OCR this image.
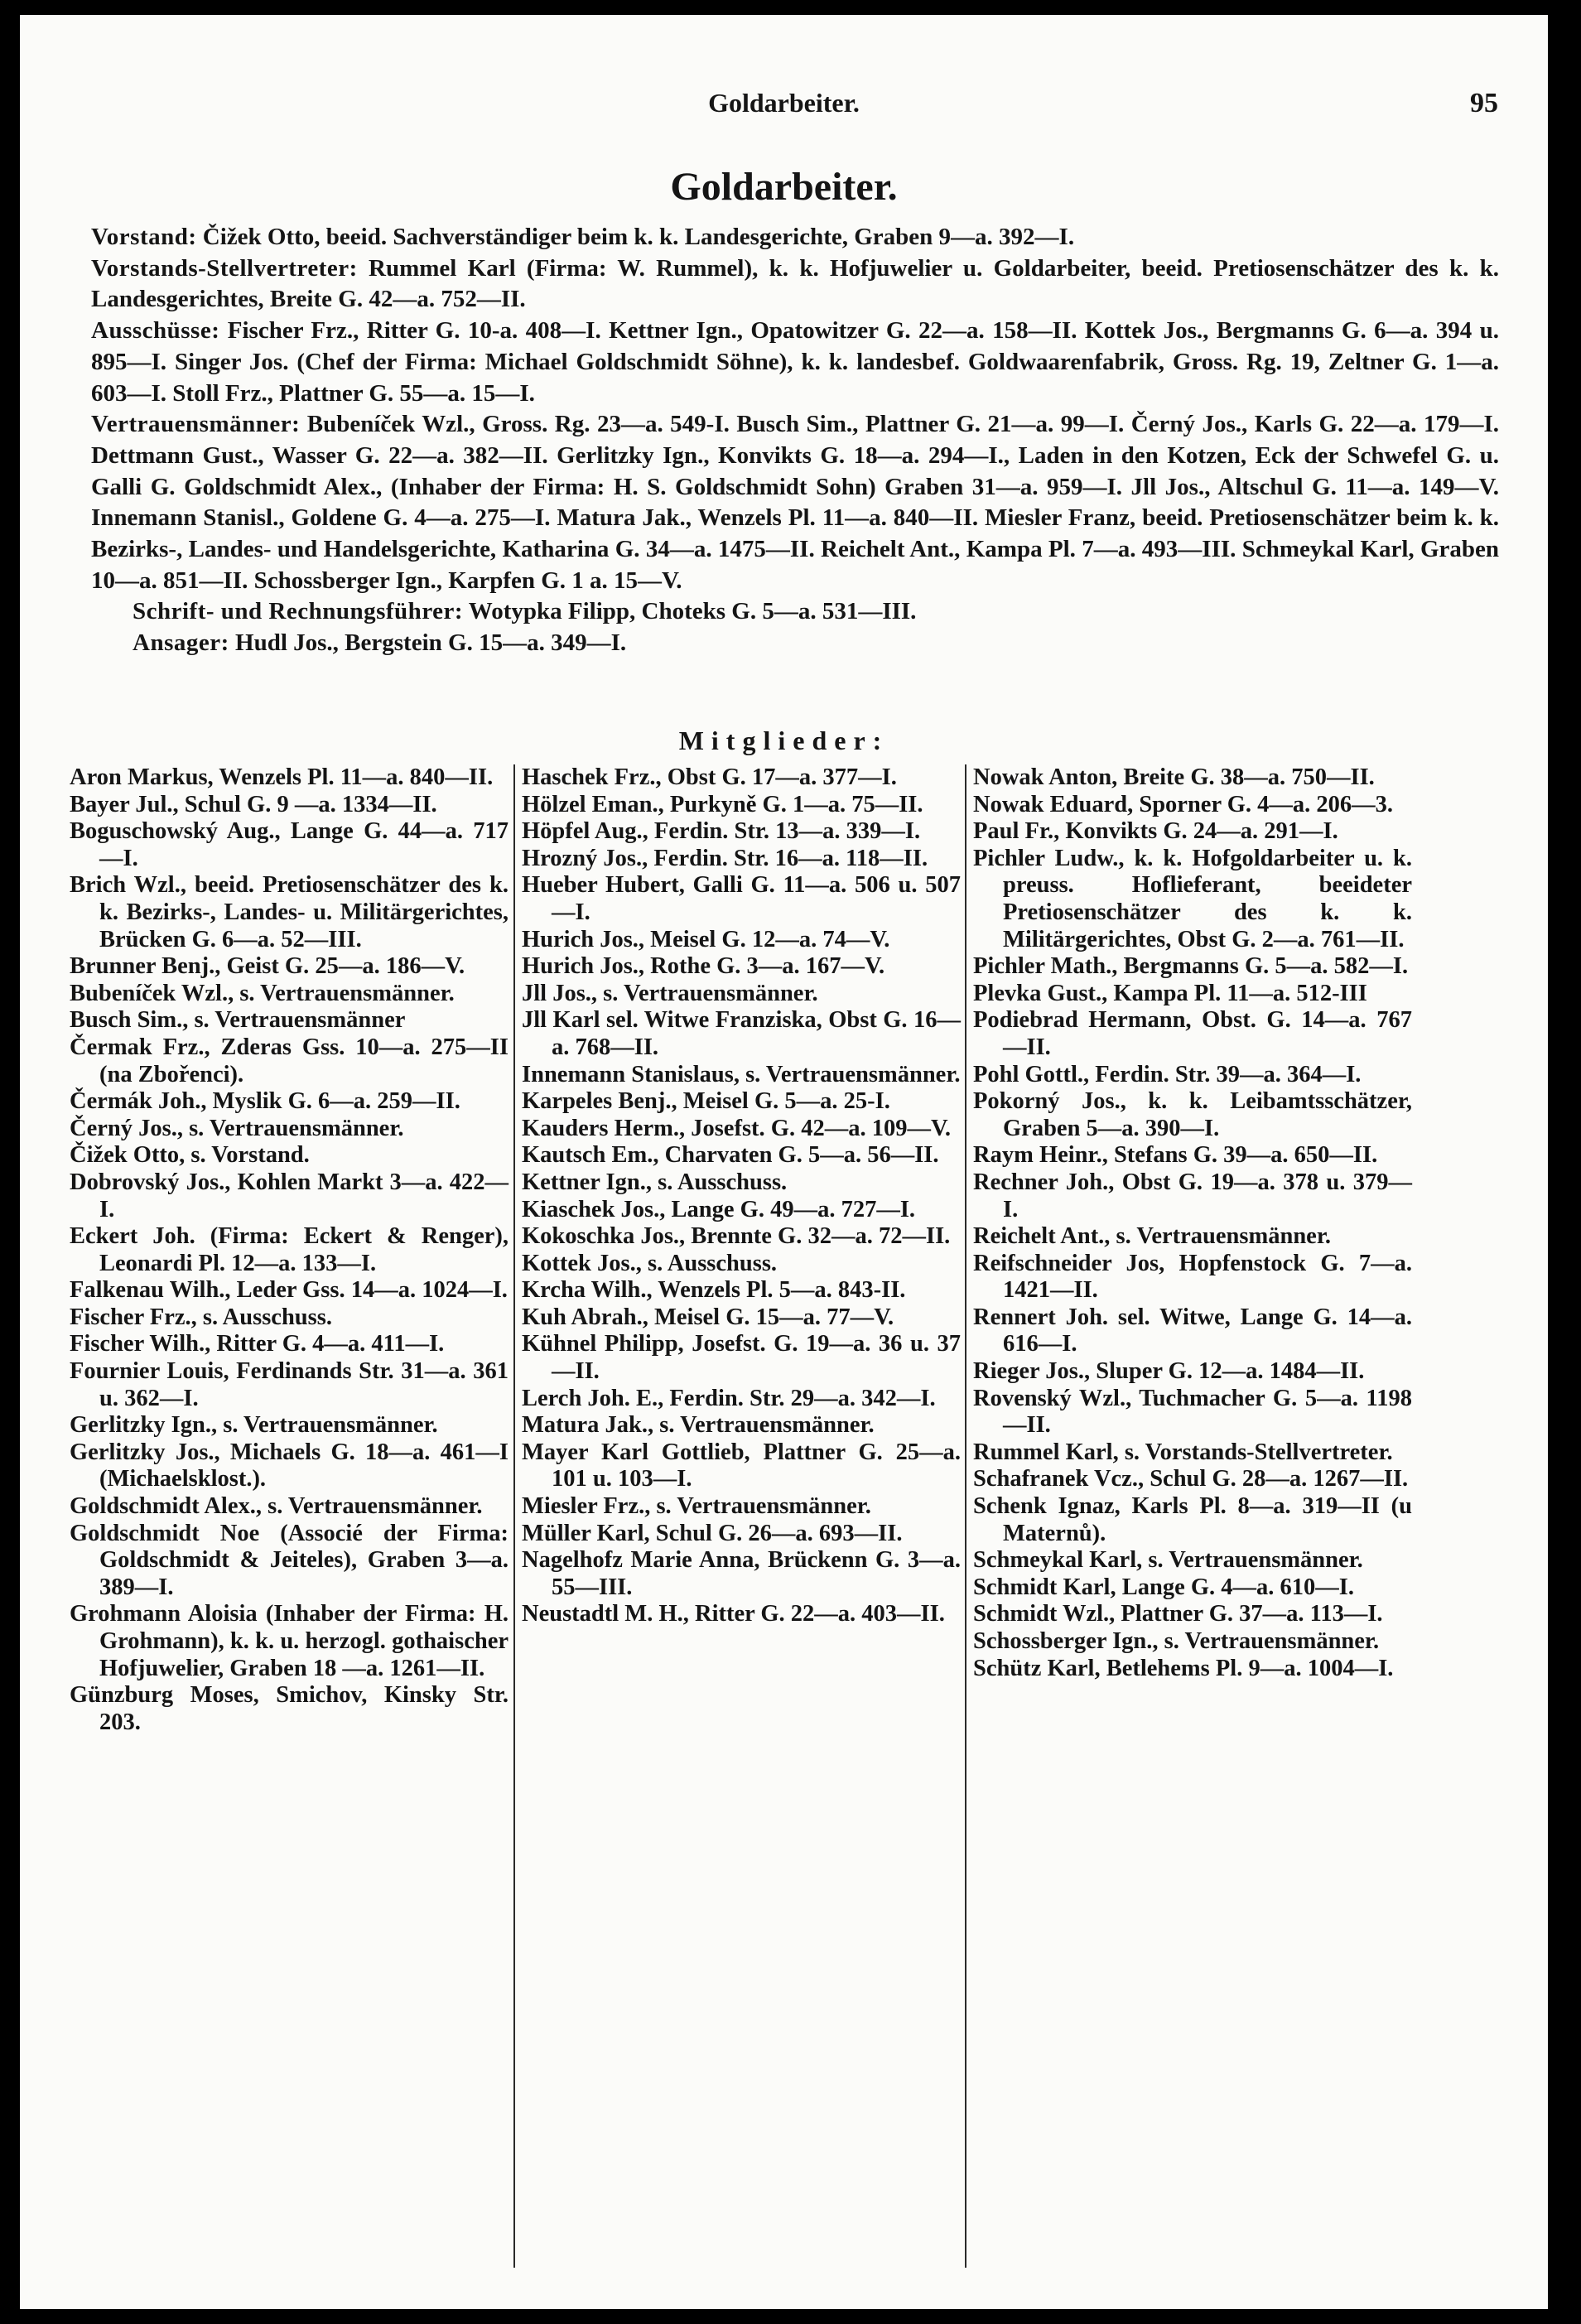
Goldarbeiter.	95
Goldarbeiter.

Vorstand: Čižek Otto, beeid. Sachverständiger beim k. k. Landesgerichte, Graben 9—a. 392—I.

Vorstands-Stellvertreter: Rummel Karl (Firma: W. Rummel), k. k. Hofjuwelier u. Goldarbeiter, beeid. Pretiosenschätzer des k. k. Landesgerichtes, Breite G. 42—a. 752—II.

Ausschüsse: Fischer Frz., Ritter G. 10-a. 408—I. Kettner Ign., Opatowitzer G. 22—a. 158—II. Kottek Jos., Bergmanns G. 6—a. 394 u. 895—I. Singer Jos. (Chef der Firma: Michael Goldschmidt Söhne), k. k. landesbef. Goldwaarenfabrik, Gross. Rg. 19, Zeltner G. 1—a. 603—I. Stoll Frz., Plattner G. 55—a. 15—I.

Vertrauensmänner: Bubeníček Wzl., Gross. Rg. 23—a. 549-I. Busch Sim., Plattner G. 21—a. 99—I. Černý Jos., Karls G. 22—a. 179—I. Dettmann Gust., Wasser G. 22—a. 382—II. Gerlitzky Ign., Konvikts G. 18—a. 294—I., Laden in den Kotzen, Eck der Schwefel G. u. Galli G. Goldschmidt Alex., (Inhaber der Firma: H. S. Goldschmidt Sohn) Graben 31—a. 959—I. Jll Jos., Altschul G. 11—a. 149—V. Innemann Stanisl., Goldene G. 4—a. 275—I. Matura Jak., Wenzels Pl. 11—a. 840—II. Miesler Franz, beeid. Pretiosenschätzer beim k. k. Bezirks-, Landes- und Handelsgerichte, Katharina G. 34—a. 1475—II. Reichelt Ant., Kampa Pl. 7—a. 493—III. Schmeykal Karl, Graben 10—a. 851—II. Schossberger Ign., Karpfen G. 1 a. 15—V.

Schrift- und Rechnungsführer: Wotypka Filipp, Choteks G. 5—a. 531—III.

Ansager: Hudl Jos., Bergstein G. 15—a. 349—I.

Mitglieder:

Aron Markus, Wenzels Pl. 11—a. 840—II.

Bayer Jul., Schul G. 9 —a. 1334—II.

Boguschowský Aug., Lange G. 44—a. 717—I.

Brich Wzl., beeid. Pretiosenschätzer des k. k. Bezirks-, Landes- u. Militärgerichtes, Brücken G. 6—a. 52—III.

Brunner Benj., Geist G. 25—a. 186—V.

Bubeníček Wzl., s. Vertrauensmänner.

Busch Sim., s. Vertrauensmänner

Čermak Frz., Zderas Gss. 10—a. 275—II (na Zbořenci).

Čermák Joh., Myslik G. 6—a. 259—II.

Černý Jos., s. Vertrauensmänner.

Čižek Otto, s. Vorstand.

Dobrovský Jos., Kohlen Markt 3—a. 422—I.

Eckert Joh. (Firma: Eckert & Renger), Leonardi Pl. 12—a. 133—I.

Falkenau Wilh., Leder Gss. 14—a. 1024—I.

Fischer Frz., s. Ausschuss.

Fischer Wilh., Ritter G. 4—a. 411—I.

Fournier Louis, Ferdinands Str. 31—a. 361 u. 362—I.

Gerlitzky Ign., s. Vertrauensmänner.

Gerlitzky Jos., Michaels G. 18—a. 461—I (Michaelsklost.).

Goldschmidt Alex., s. Vertrauensmänner.

Goldschmidt Noe (Associé der Firma: Goldschmidt & Jeiteles), Graben 3—a. 389—I.

Grohmann Aloisia (Inhaber der Firma: H. Grohmann), k. k. u. herzogl. gothaischer Hofjuwelier, Graben 18 —a. 1261—II.

Günzburg Moses, Smichov, Kinsky Str. 203.

Haschek Frz., Obst G. 17—a. 377—I.

Hölzel Eman., Purkyně G. 1—a. 75—II.

Höpfel Aug., Ferdin. Str. 13—a. 339—I.

Hrozný Jos., Ferdin. Str. 16—a. 118—II.

Hueber Hubert, Galli G. 11—a. 506 u. 507—I.

Hurich Jos., Meisel G. 12—a. 74—V.

Hurich Jos., Rothe G. 3—a. 167—V.

Jll Jos., s. Vertrauensmänner.

Jll Karl sel. Witwe Franziska, Obst G. 16—a. 768—II.

Innemann Stanislaus, s. Vertrauensmänner.

Karpeles Benj., Meisel G. 5—a. 25-I.

Kauders Herm., Josefst. G. 42—a. 109—V.

Kautsch Em., Charvaten G. 5—a. 56—II.

Kettner Ign., s. Ausschuss.

Kiaschek Jos., Lange G. 49—a. 727—I.

Kokoschka Jos., Brennte G. 32—a. 72—II.

Kottek Jos., s. Ausschuss.

Krcha Wilh., Wenzels Pl. 5—a. 843-II.

Kuh Abrah., Meisel G. 15—a. 77—V.

Kühnel Philipp, Josefst. G. 19—a. 36 u. 37—II.

Lerch Joh. E., Ferdin. Str. 29—a. 342—I.

Matura Jak., s. Vertrauensmänner.

Mayer Karl Gottlieb, Plattner G. 25—a. 101 u. 103—I.

Miesler Frz., s. Vertrauensmänner.

Müller Karl, Schul G. 26—a. 693—II.

Nagelhofz Marie Anna, Brückenn G. 3—a. 55—III.

Neustadtl M. H., Ritter G. 22—a. 403—II.

Nowak Anton, Breite G. 38—a. 750—II.

Nowak Eduard, Sporner G. 4—a. 206—3.

Paul Fr., Konvikts G. 24—a. 291—I.

Pichler Ludw., k. k. Hofgoldarbeiter u. k. preuss. Hoflieferant, beeideter Pretiosenschätzer des k. k. Militärgerichtes, Obst G. 2—a. 761—II.

Pichler Math., Bergmanns G. 5—a. 582—I.

Plevka Gust., Kampa Pl. 11—a. 512-III

Podiebrad Hermann, Obst. G. 14—a. 767—II.

Pohl Gottl., Ferdin. Str. 39—a. 364—I.

Pokorný Jos., k. k. Leibamtsschätzer, Graben 5—a. 390—I.

Raym Heinr., Stefans G. 39—a. 650—II.

Rechner Joh., Obst G. 19—a. 378 u. 379—I.

Reichelt Ant., s. Vertrauensmänner.

Reifschneider Jos, Hopfenstock G. 7—a. 1421—II.

Rennert Joh. sel. Witwe, Lange G. 14—a. 616—I.

Rieger Jos., Sluper G. 12—a. 1484—II.

Rovenský Wzl., Tuchmacher G. 5—a. 1198—II.

Rummel Karl, s. Vorstands-Stellvertreter.

Schafranek Vcz., Schul G. 28—a. 1267—II.

Schenk Ignaz, Karls Pl. 8—a. 319—II (u Maternů).

Schmeykal Karl, s. Vertrauensmänner.

Schmidt Karl, Lange G. 4—a. 610—I.

Schmidt Wzl., Plattner G. 37—a. 113—I.

Schossberger Ign., s. Vertrauensmänner.

Schütz Karl, Betlehems Pl. 9—a. 1004—I.
